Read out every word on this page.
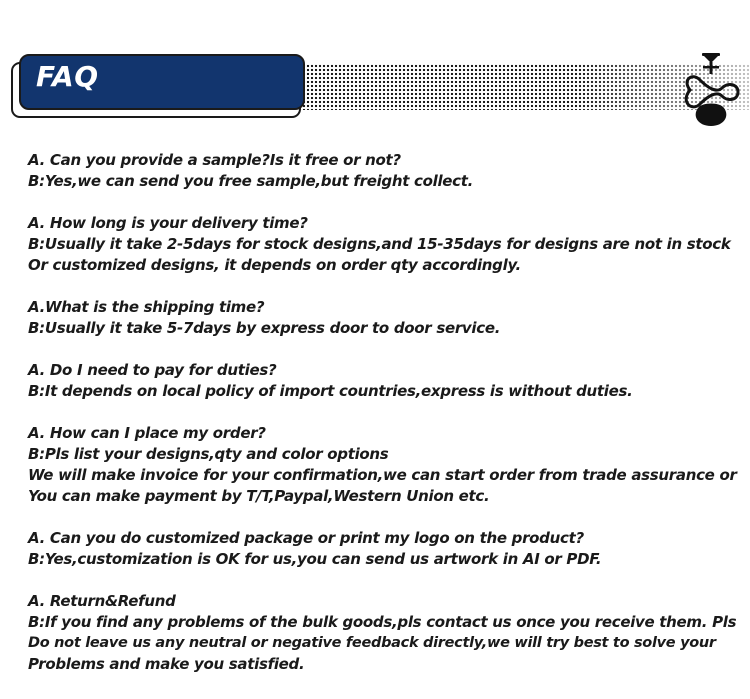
FAQ
A. Can you provide a sample?Is it free or not?
B:Yes,we can send you free sample,but freight collect.
A. How long is your delivery time?
B:Usually it take 2-5days for stock designs,and 15-35days for designs are not in stock
Or customized designs, it depends on order qty accordingly.
A.What is the shipping time?
B:Usually it take 5-7days by express door to door service.
A. Do I need to pay for duties?
B:It depends on local policy of import countries,express is without duties.
A. How can I place my order?
B:Pls list your designs,qty and color options
We will make invoice for your confirmation,we can start order from trade assurance or
You can make payment by T/T,Paypal,Western Union etc.
A. Can you do customized package or print my logo on the product?
B:Yes,customization is OK for us,you can send us artwork in AI or PDF.
A. Return&Refund
B:If you find any problems of the bulk goods,pls contact us once you receive them. Pls
Do not leave us any neutral or negative feedback directly,we will try best to solve your
Problems and make you satisfied.
